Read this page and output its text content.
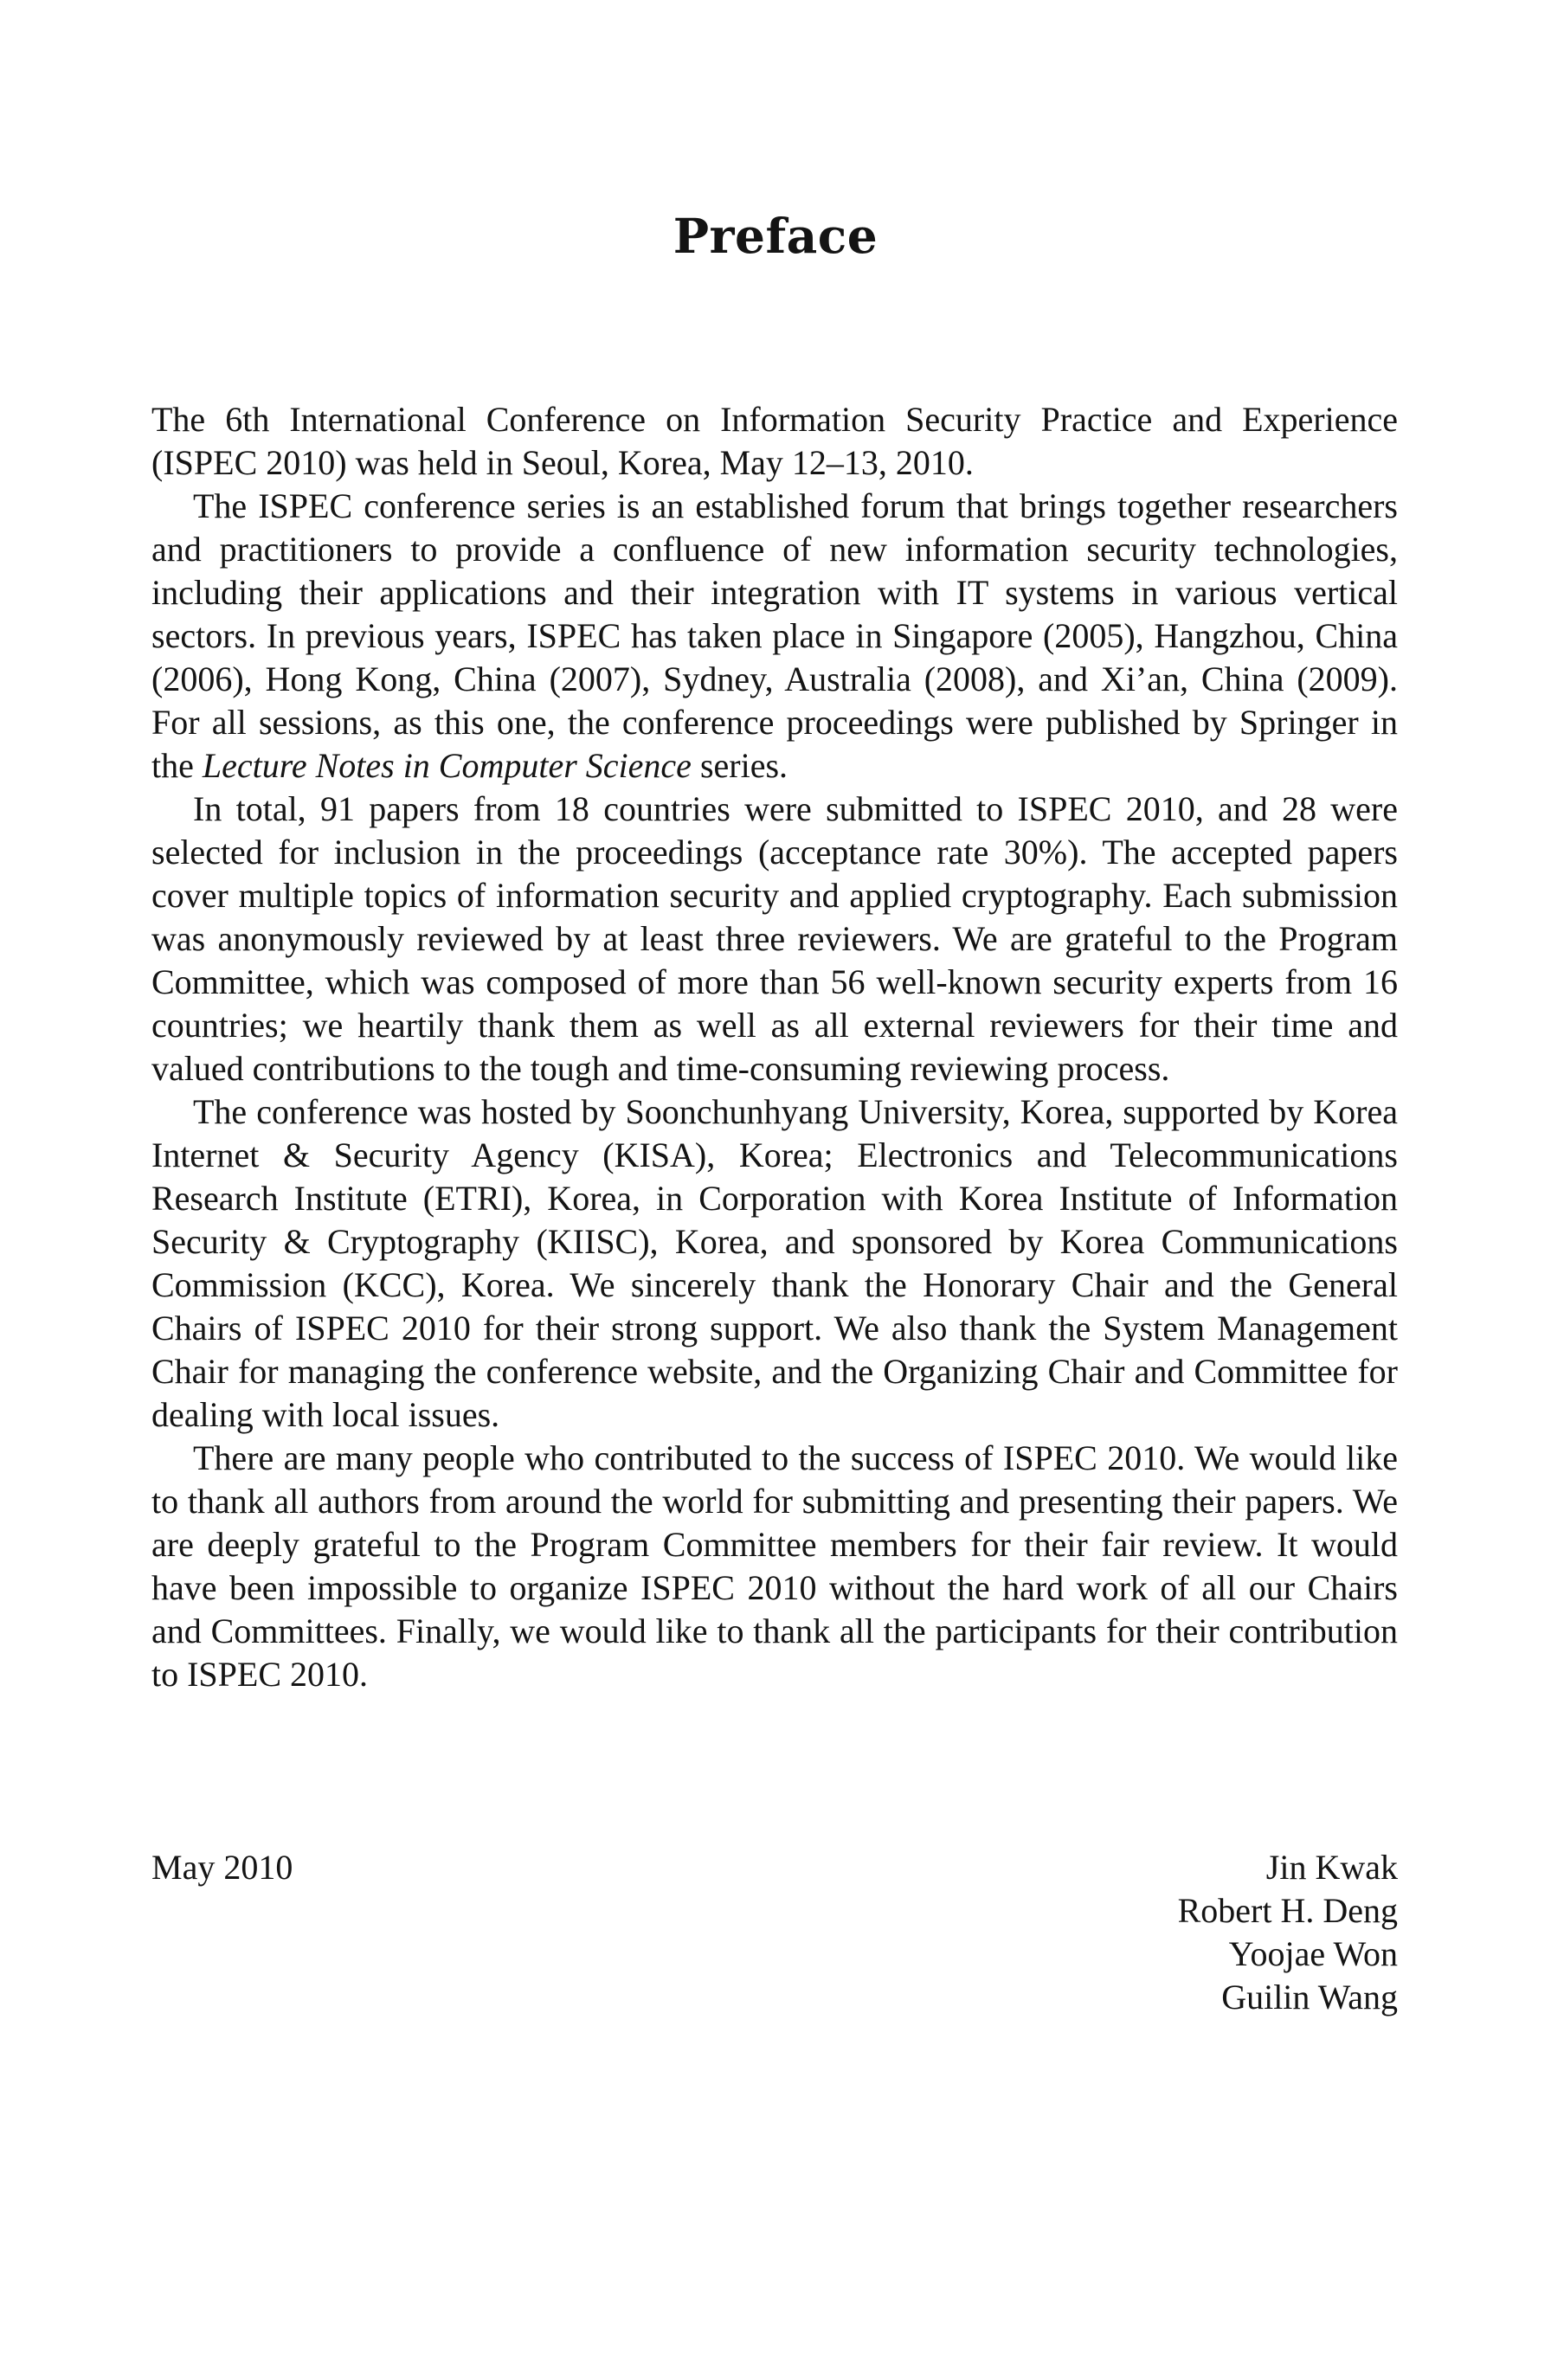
Preface

The 6th International Conference on Information Security Practice and Experience (ISPEC 2010) was held in Seoul, Korea, May 12–13, 2010.

The ISPEC conference series is an established forum that brings together researchers and practitioners to provide a confluence of new information security technologies, including their applications and their integration with IT systems in various vertical sectors. In previous years, ISPEC has taken place in Singapore (2005), Hangzhou, China (2006), Hong Kong, China (2007), Sydney, Australia (2008), and Xi’an, China (2009). For all sessions, as this one, the conference proceedings were published by Springer in the Lecture Notes in Computer Science series.

In total, 91 papers from 18 countries were submitted to ISPEC 2010, and 28 were selected for inclusion in the proceedings (acceptance rate 30%). The accepted papers cover multiple topics of information security and applied cryptography. Each submission was anonymously reviewed by at least three reviewers. We are grateful to the Program Committee, which was composed of more than 56 well-known security experts from 16 countries; we heartily thank them as well as all external reviewers for their time and valued contributions to the tough and time-consuming reviewing process.

The conference was hosted by Soonchunhyang University, Korea, supported by Korea Internet & Security Agency (KISA), Korea; Electronics and Telecommunications Research Institute (ETRI), Korea, in Corporation with Korea Institute of Information Security & Cryptography (KIISC), Korea, and sponsored by Korea Communications Commission (KCC), Korea. We sincerely thank the Honorary Chair and the General Chairs of ISPEC 2010 for their strong support. We also thank the System Management Chair for managing the conference website, and the Organizing Chair and Committee for dealing with local issues.

There are many people who contributed to the success of ISPEC 2010. We would like to thank all authors from around the world for submitting and presenting their papers. We are deeply grateful to the Program Committee members for their fair review. It would have been impossible to organize ISPEC 2010 without the hard work of all our Chairs and Committees. Finally, we would like to thank all the participants for their contribution to ISPEC 2010.

May 2010	Jin Kwak
Robert H. Deng
Yoojae Won
Guilin Wang
